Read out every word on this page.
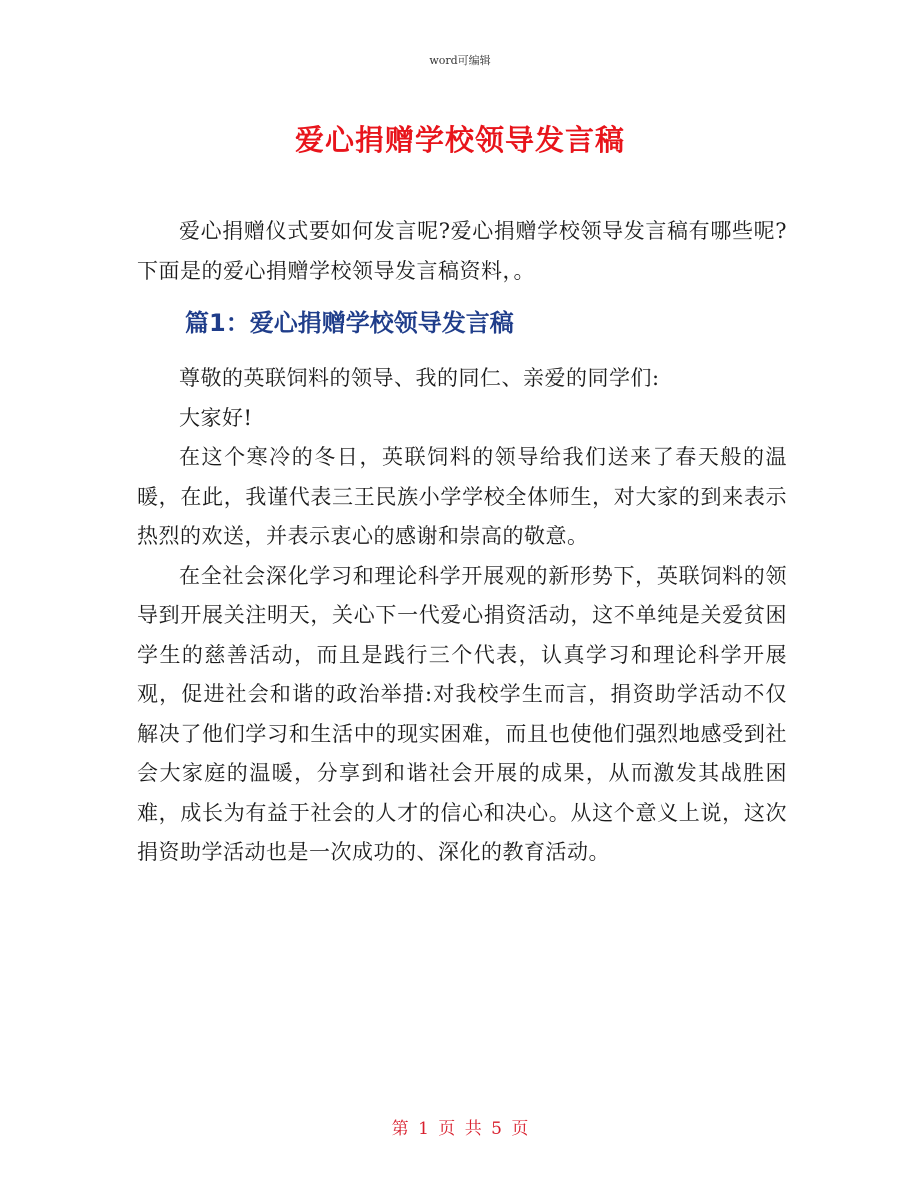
word可编辑
爱心捐赠学校领导发言稿

爱心捐赠仪式要如何发言呢?爱心捐赠学校领导发言稿有哪些呢?下面是的爱心捐赠学校领导发言稿资料，。

篇1：爱心捐赠学校领导发言稿

尊敬的英联饲料的领导、我的同仁、亲爱的同学们:

大家好!

在这个寒冷的冬日，英联饲料的领导给我们送来了春天般的温暖，在此，我谨代表三王民族小学学校全体师生，对大家的到来表示热烈的欢送，并表示衷心的感谢和崇高的敬意。

在全社会深化学习和理论科学开展观的新形势下，英联饲料的领导到开展关注明天，关心下一代爱心捐资活动，这不单纯是关爱贫困学生的慈善活动，而且是践行三个代表，认真学习和理论科学开展观，促进社会和谐的政治举措:对我校学生而言，捐资助学活动不仅解决了他们学习和生活中的现实困难，而且也使他们强烈地感受到社会大家庭的温暖，分享到和谐社会开展的成果，从而激发其战胜困难，成长为有益于社会的人才的信心和决心。从这个意义上说，这次捐资助学活动也是一次成功的、深化的教育活动。

第 1 页 共 5 页
